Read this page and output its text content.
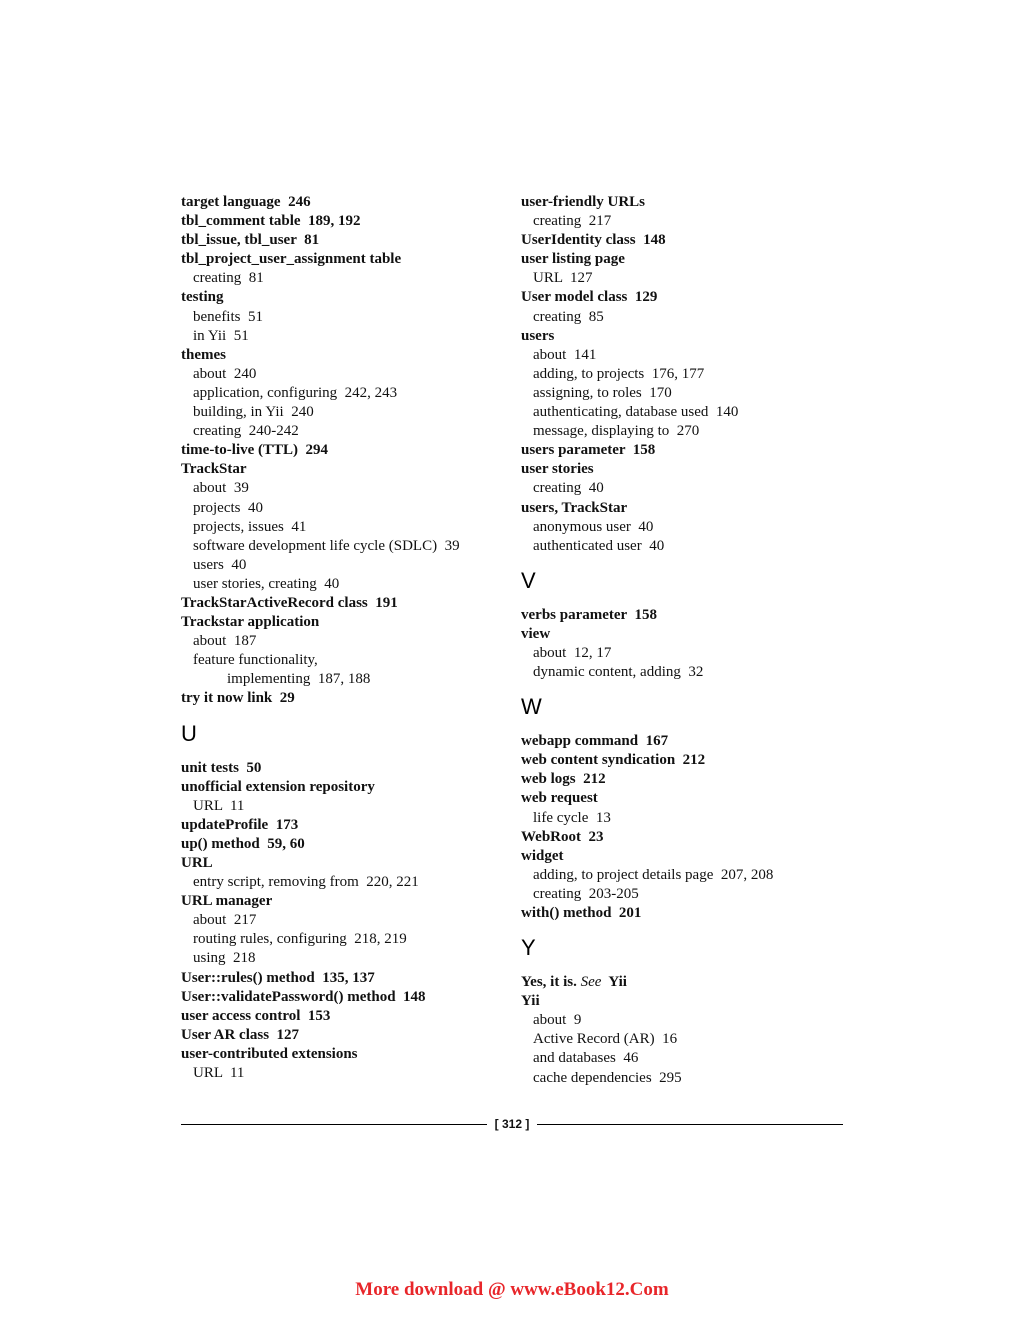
target language  246
tbl_comment table  189, 192
tbl_issue, tbl_user  81
tbl_project_user_assignment table
creating  81
testing
benefits  51
in Yii  51
themes
about  240
application, configuring  242, 243
building, in Yii  240
creating  240-242
time-to-live (TTL)  294
TrackStar
about  39
projects  40
projects, issues  41
software development life cycle (SDLC)  39
users  40
user stories, creating  40
TrackStarActiveRecord class  191
Trackstar application
about  187
feature functionality,
implementing  187, 188
try it now link  29
U
unit tests  50
unofficial extension repository
URL  11
updateProfile  173
up() method  59, 60
URL
entry script, removing from  220, 221
URL manager
about  217
routing rules, configuring  218, 219
using  218
User::rules() method  135, 137
User::validatePassword() method  148
user access control  153
User AR class  127
user-contributed extensions
URL  11
user-friendly URLs
creating  217
UserIdentity class  148
user listing page
URL  127
User model class  129
creating  85
users
about  141
adding, to projects  176, 177
assigning, to roles  170
authenticating, database used  140
message, displaying to  270
users parameter  158
user stories
creating  40
users, TrackStar
anonymous user  40
authenticated user  40
V
verbs parameter  158
view
about  12, 17
dynamic content, adding  32
W
webapp command  167
web content syndication  212
web logs  212
web request
life cycle  13
WebRoot  23
widget
adding, to project details page  207, 208
creating  203-205
with() method  201
Y
Yes, it is. See  Yii
Yii
about  9
Active Record (AR)  16
and databases  46
cache dependencies  295
[ 312 ]
More download @ www.eBook12.Com
